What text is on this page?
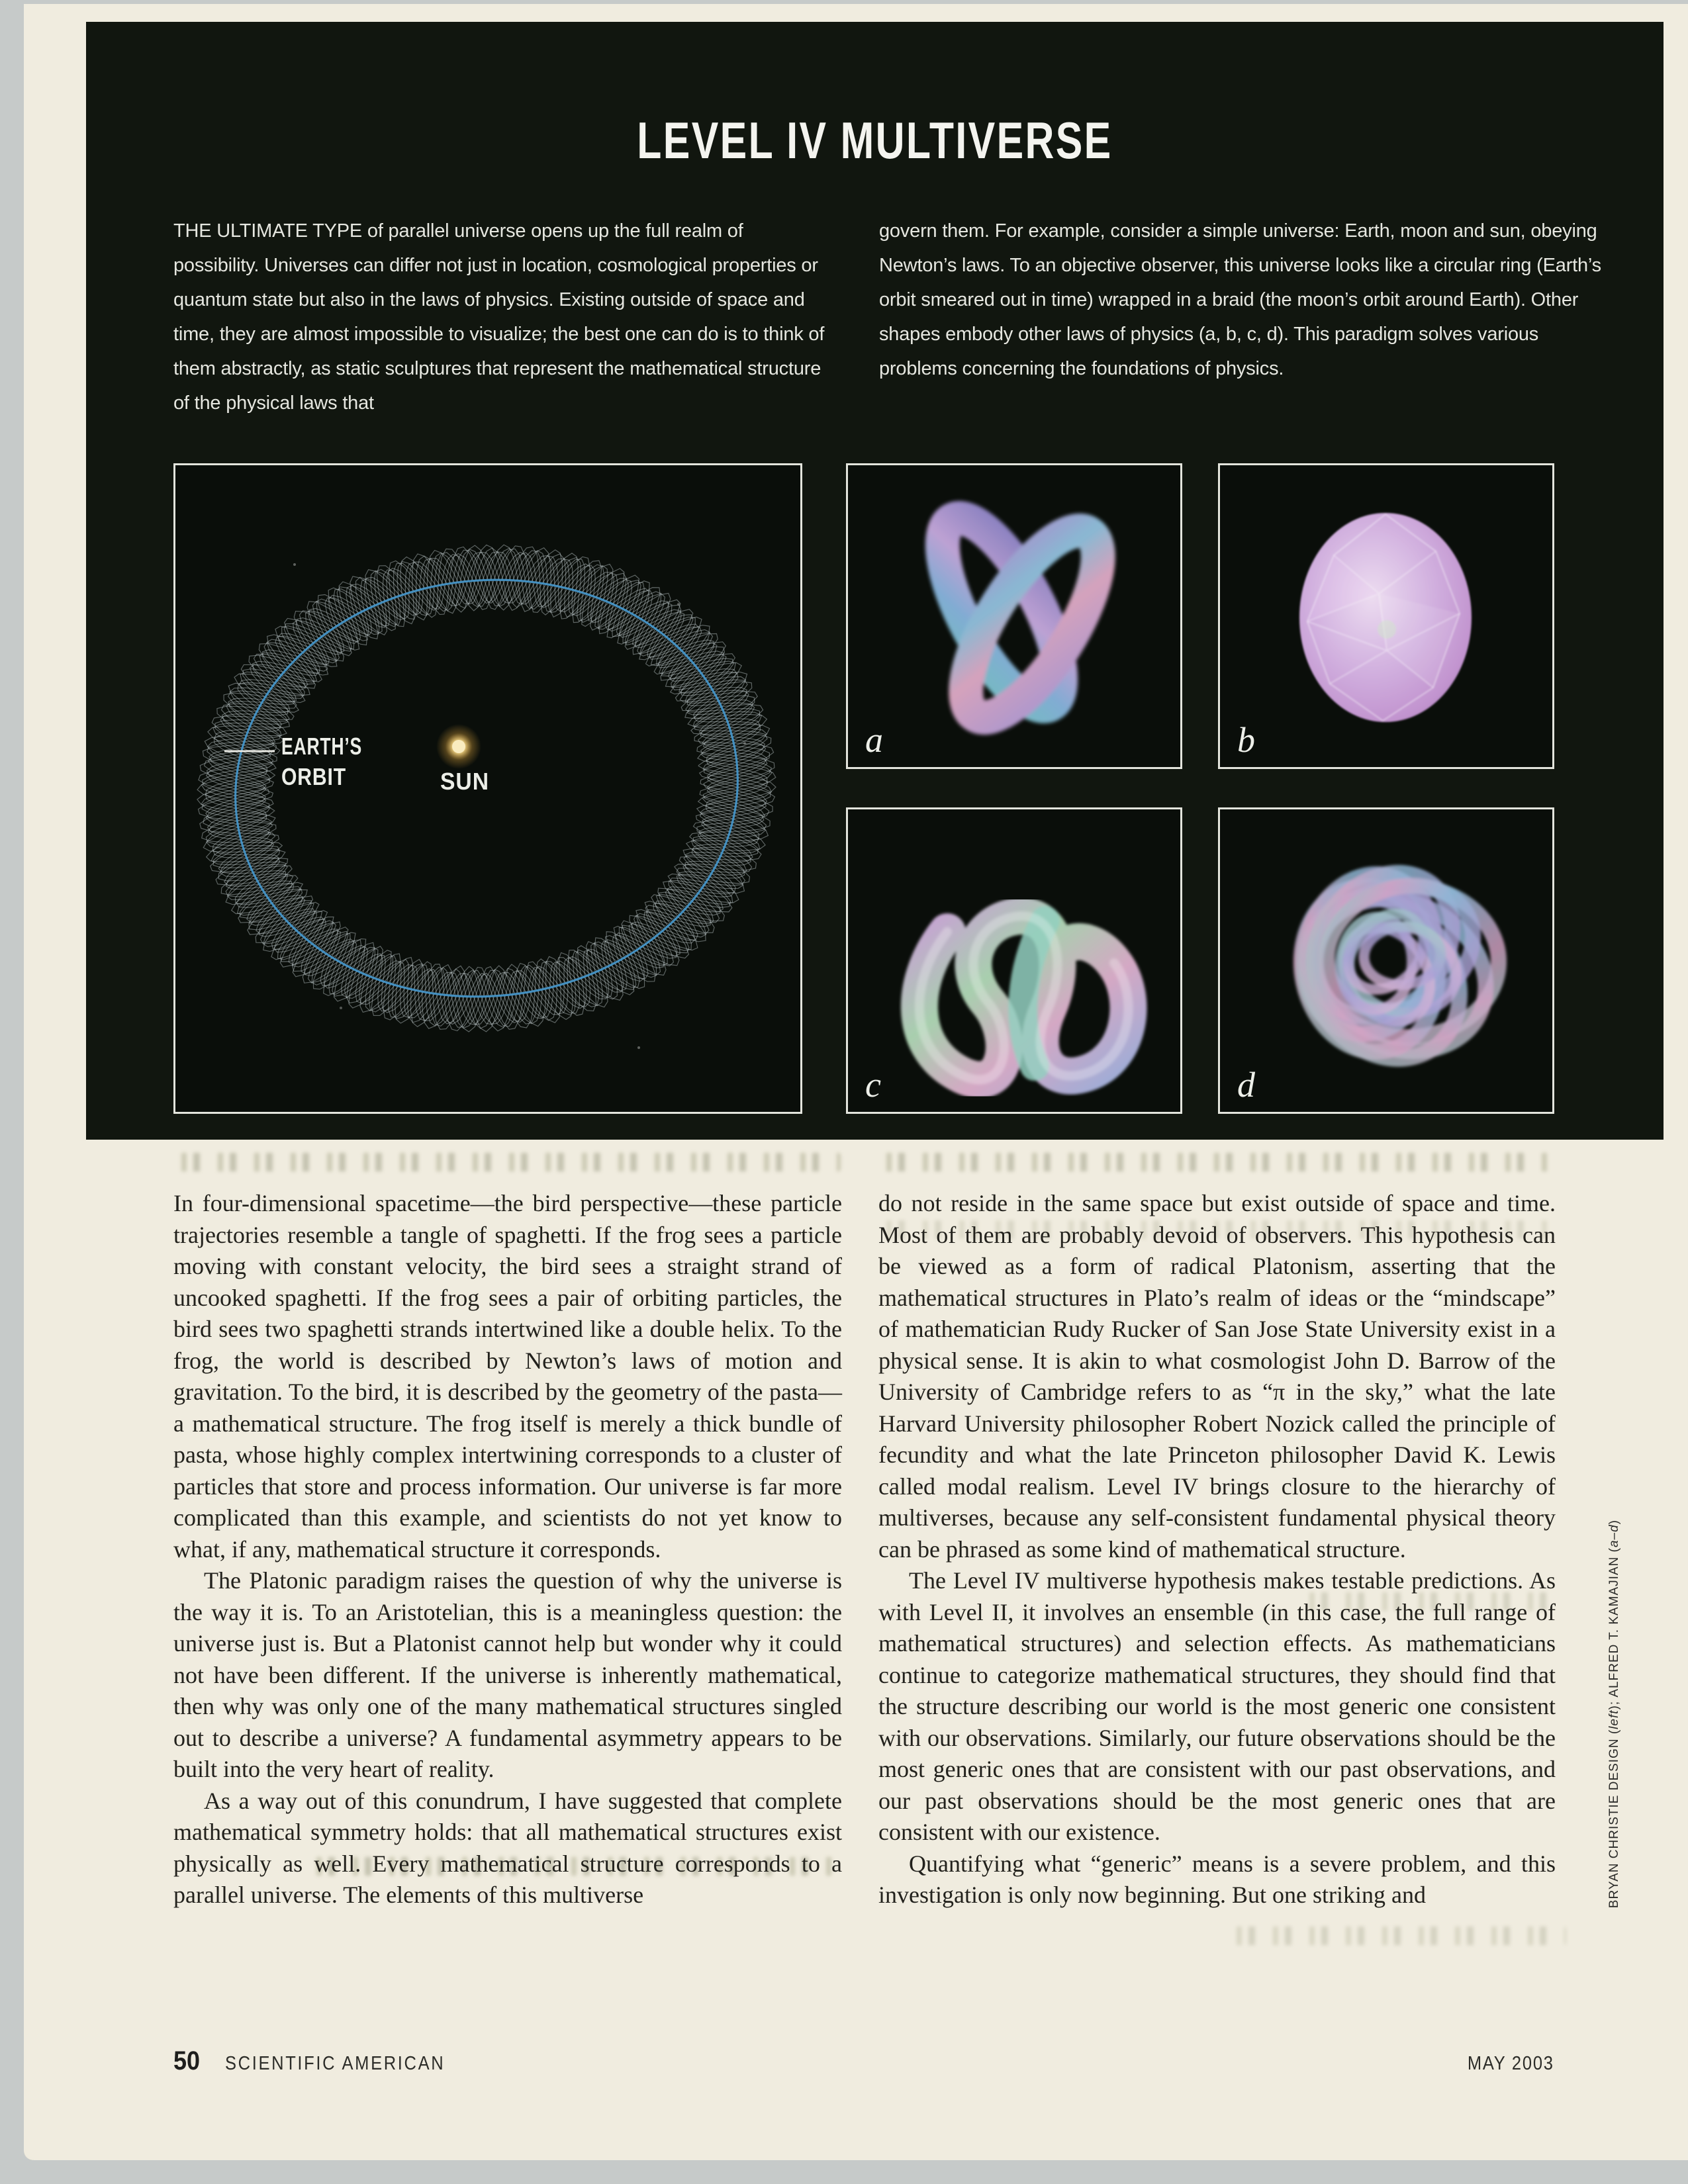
LEVEL IV MULTIVERSE

THE ULTIMATE TYPE of parallel universe opens up the full realm of possibility. Universes can differ not just in location, cosmological properties or quantum state but also in the laws of physics. Existing outside of space and time, they are almost impossible to visualize; the best one can do is to think of them abstractly, as static sculptures that represent the mathematical structure of the physical laws that

govern them. For example, consider a simple universe: Earth, moon and sun, obeying Newton’s laws. To an objective observer, this universe looks like a circular ring (Earth’s orbit smeared out in time) wrapped in a braid (the moon’s orbit around Earth). Other shapes embody other laws of physics (a, b, c, d). This paradigm solves various problems concerning the foundations of physics.

EARTH’S
ORBIT	SUN
a	b
c	d

In four-dimensional spacetime—the bird perspective—these particle trajectories resemble a tangle of spaghetti. If the frog sees a particle moving with constant velocity, the bird sees a straight strand of uncooked spaghetti. If the frog sees a pair of orbiting particles, the bird sees two spaghetti strands intertwined like a double helix. To the frog, the world is described by Newton’s laws of motion and gravitation. To the bird, it is described by the geometry of the pasta—a mathematical structure. The frog itself is merely a thick bundle of pasta, whose highly complex intertwining corresponds to a cluster of particles that store and process information. Our universe is far more complicated than this example, and scientists do not yet know to what, if any, mathematical structure it corresponds.

The Platonic paradigm raises the question of why the universe is the way it is. To an Aristotelian, this is a meaningless question: the universe just is. But a Platonist cannot help but wonder why it could not have been different. If the universe is inherently mathematical, then why was only one of the many mathematical structures singled out to describe a universe? A fundamental asymmetry appears to be built into the very heart of reality.

As a way out of this conundrum, I have suggested that complete mathematical symmetry holds: that all mathematical structures exist physically as well. Every mathematical structure corresponds to a parallel universe. The elements of this multiverse

do not reside in the same space but exist outside of space and time. Most of them are probably devoid of observers. This hypothesis can be viewed as a form of radical Platonism, asserting that the mathematical structures in Plato’s realm of ideas or the “mindscape” of mathematician Rudy Rucker of San Jose State University exist in a physical sense. It is akin to what cosmologist John D. Barrow of the University of Cambridge refers to as “π in the sky,” what the late Harvard University philosopher Robert Nozick called the principle of fecundity and what the late Princeton philosopher David K. Lewis called modal realism. Level IV brings closure to the hierarchy of multiverses, because any self-consistent fundamental physical theory can be phrased as some kind of mathematical structure.

The Level IV multiverse hypothesis makes testable predictions. As with Level II, it involves an ensemble (in this case, the full range of mathematical structures) and selection effects. As mathematicians continue to categorize mathematical structures, they should find that the structure describing our world is the most generic one consistent with our observations. Similarly, our future observations should be the most generic ones that are consistent with our past observations, and our past observations should be the most generic ones that are consistent with our existence.

Quantifying what “generic” means is a severe problem, and this investigation is only now beginning. But one striking and

50 SCIENTIFIC AMERICAN	MAY 2003
BRYAN CHRISTIE DESIGN (left); ALFRED T. KAMAJIAN (a–d)
